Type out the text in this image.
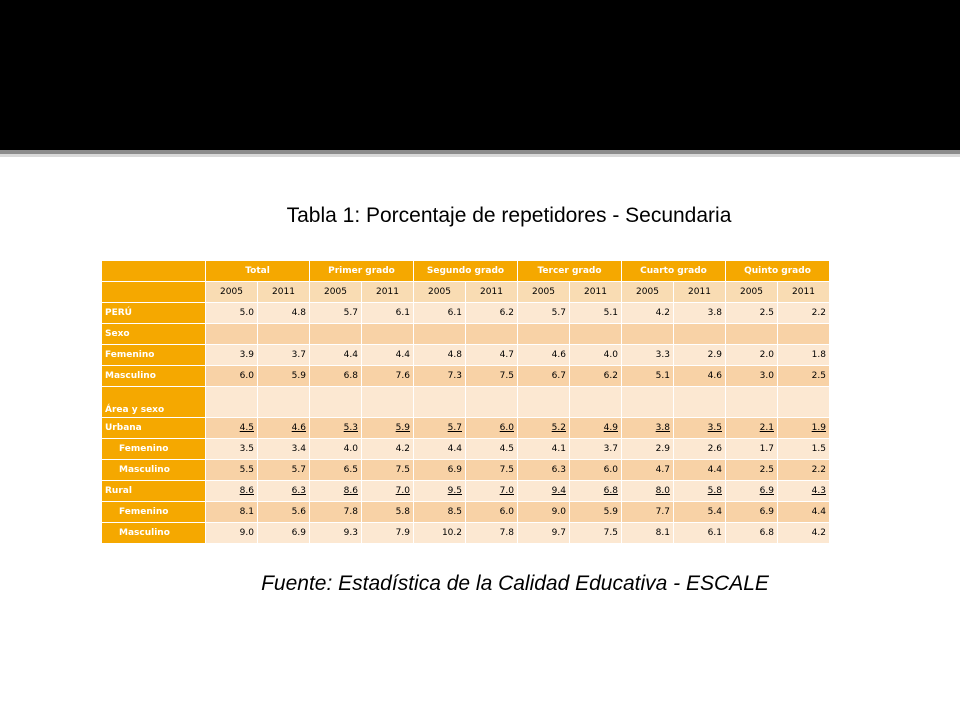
Tabla 1: Porcentaje de repetidores - Secundaria
	Total		Primer grado		Segundo grado		Tercer grado		Cuarto grado		Quinto grado	
	2005	2011	2005	2011	2005	2011	2005	2011	2005	2011	2005	2011
PERÚ	5.0	4.8	5.7	6.1	6.1	6.2	5.7	5.1	4.2	3.8	2.5	2.2
Sexo												
Femenino	3.9	3.7	4.4	4.4	4.8	4.7	4.6	4.0	3.3	2.9	2.0	1.8
Masculino	6.0	5.9	6.8	7.6	7.3	7.5	6.7	6.2	5.1	4.6	3.0	2.5
Área y sexo												
Urbana	4.5	4.6	5.3	5.9	5.7	6.0	5.2	4.9	3.8	3.5	2.1	1.9
Femenino	3.5	3.4	4.0	4.2	4.4	4.5	4.1	3.7	2.9	2.6	1.7	1.5
Masculino	5.5	5.7	6.5	7.5	6.9	7.5	6.3	6.0	4.7	4.4	2.5	2.2
Rural	8.6	6.3	8.6	7.0	9.5	7.0	9.4	6.8	8.0	5.8	6.9	4.3
Femenino	8.1	5.6	7.8	5.8	8.5	6.0	9.0	5.9	7.7	5.4	6.9	4.4
Masculino	9.0	6.9	9.3	7.9	10.2	7.8	9.7	7.5	8.1	6.1	6.8	4.2
Fuente: Estadística de la Calidad Educativa - ESCALE
